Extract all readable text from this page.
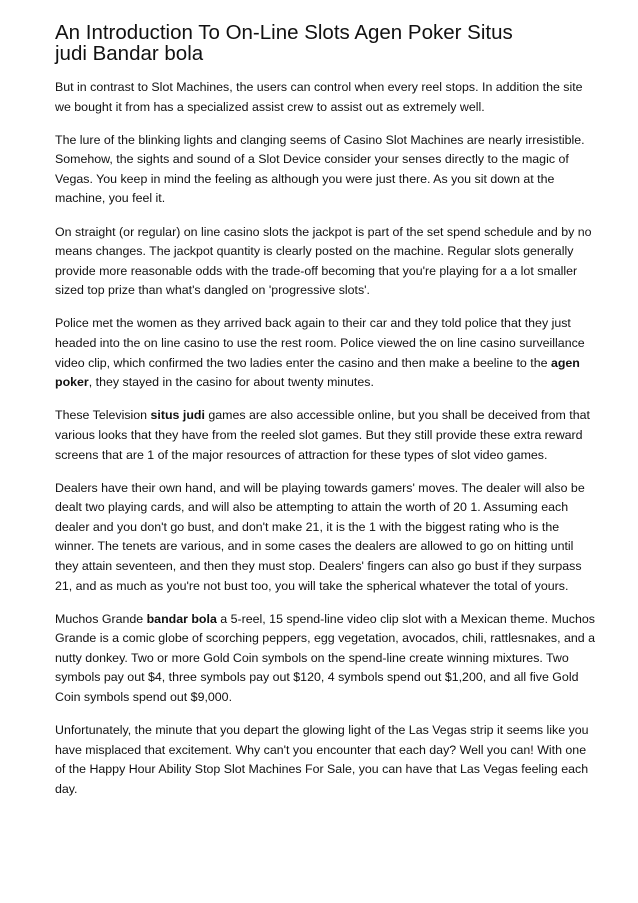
An Introduction To On-Line Slots Agen Poker Situs judi Bandar bola

But in contrast to Slot Machines, the users can control when every reel stops. In addition the site we bought it from has a specialized assist crew to assist out as extremely well.

The lure of the blinking lights and clanging seems of Casino Slot Machines are nearly irresistible. Somehow, the sights and sound of a Slot Device consider your senses directly to the magic of Vegas. You keep in mind the feeling as although you were just there. As you sit down at the machine, you feel it.

On straight (or regular) on line casino slots the jackpot is part of the set spend schedule and by no means changes. The jackpot quantity is clearly posted on the machine. Regular slots generally provide more reasonable odds with the trade-off becoming that you're playing for a a lot smaller sized top prize than what's dangled on 'progressive slots'.

Police met the women as they arrived back again to their car and they told police that they just headed into the on line casino to use the rest room. Police viewed the on line casino surveillance video clip, which confirmed the two ladies enter the casino and then make a beeline to the agen poker, they stayed in the casino for about twenty minutes.

These Television situs judi games are also accessible online, but you shall be deceived from that various looks that they have from the reeled slot games. But they still provide these extra reward screens that are 1 of the major resources of attraction for these types of slot video games.

Dealers have their own hand, and will be playing towards gamers' moves. The dealer will also be dealt two playing cards, and will also be attempting to attain the worth of 20 1. Assuming each dealer and you don't go bust, and don't make 21, it is the 1 with the biggest rating who is the winner. The tenets are various, and in some cases the dealers are allowed to go on hitting until they attain seventeen, and then they must stop. Dealers' fingers can also go bust if they surpass 21, and as much as you're not bust too, you will take the spherical whatever the total of yours.

Muchos Grande bandar bola a 5-reel, 15 spend-line video clip slot with a Mexican theme. Muchos Grande is a comic globe of scorching peppers, egg vegetation, avocados, chili, rattlesnakes, and a nutty donkey. Two or more Gold Coin symbols on the spend-line create winning mixtures. Two symbols pay out $4, three symbols pay out $120, 4 symbols spend out $1,200, and all five Gold Coin symbols spend out $9,000.

Unfortunately, the minute that you depart the glowing light of the Las Vegas strip it seems like you have misplaced that excitement. Why can't you encounter that each day? Well you can! With one of the Happy Hour Ability Stop Slot Machines For Sale, you can have that Las Vegas feeling each day.
